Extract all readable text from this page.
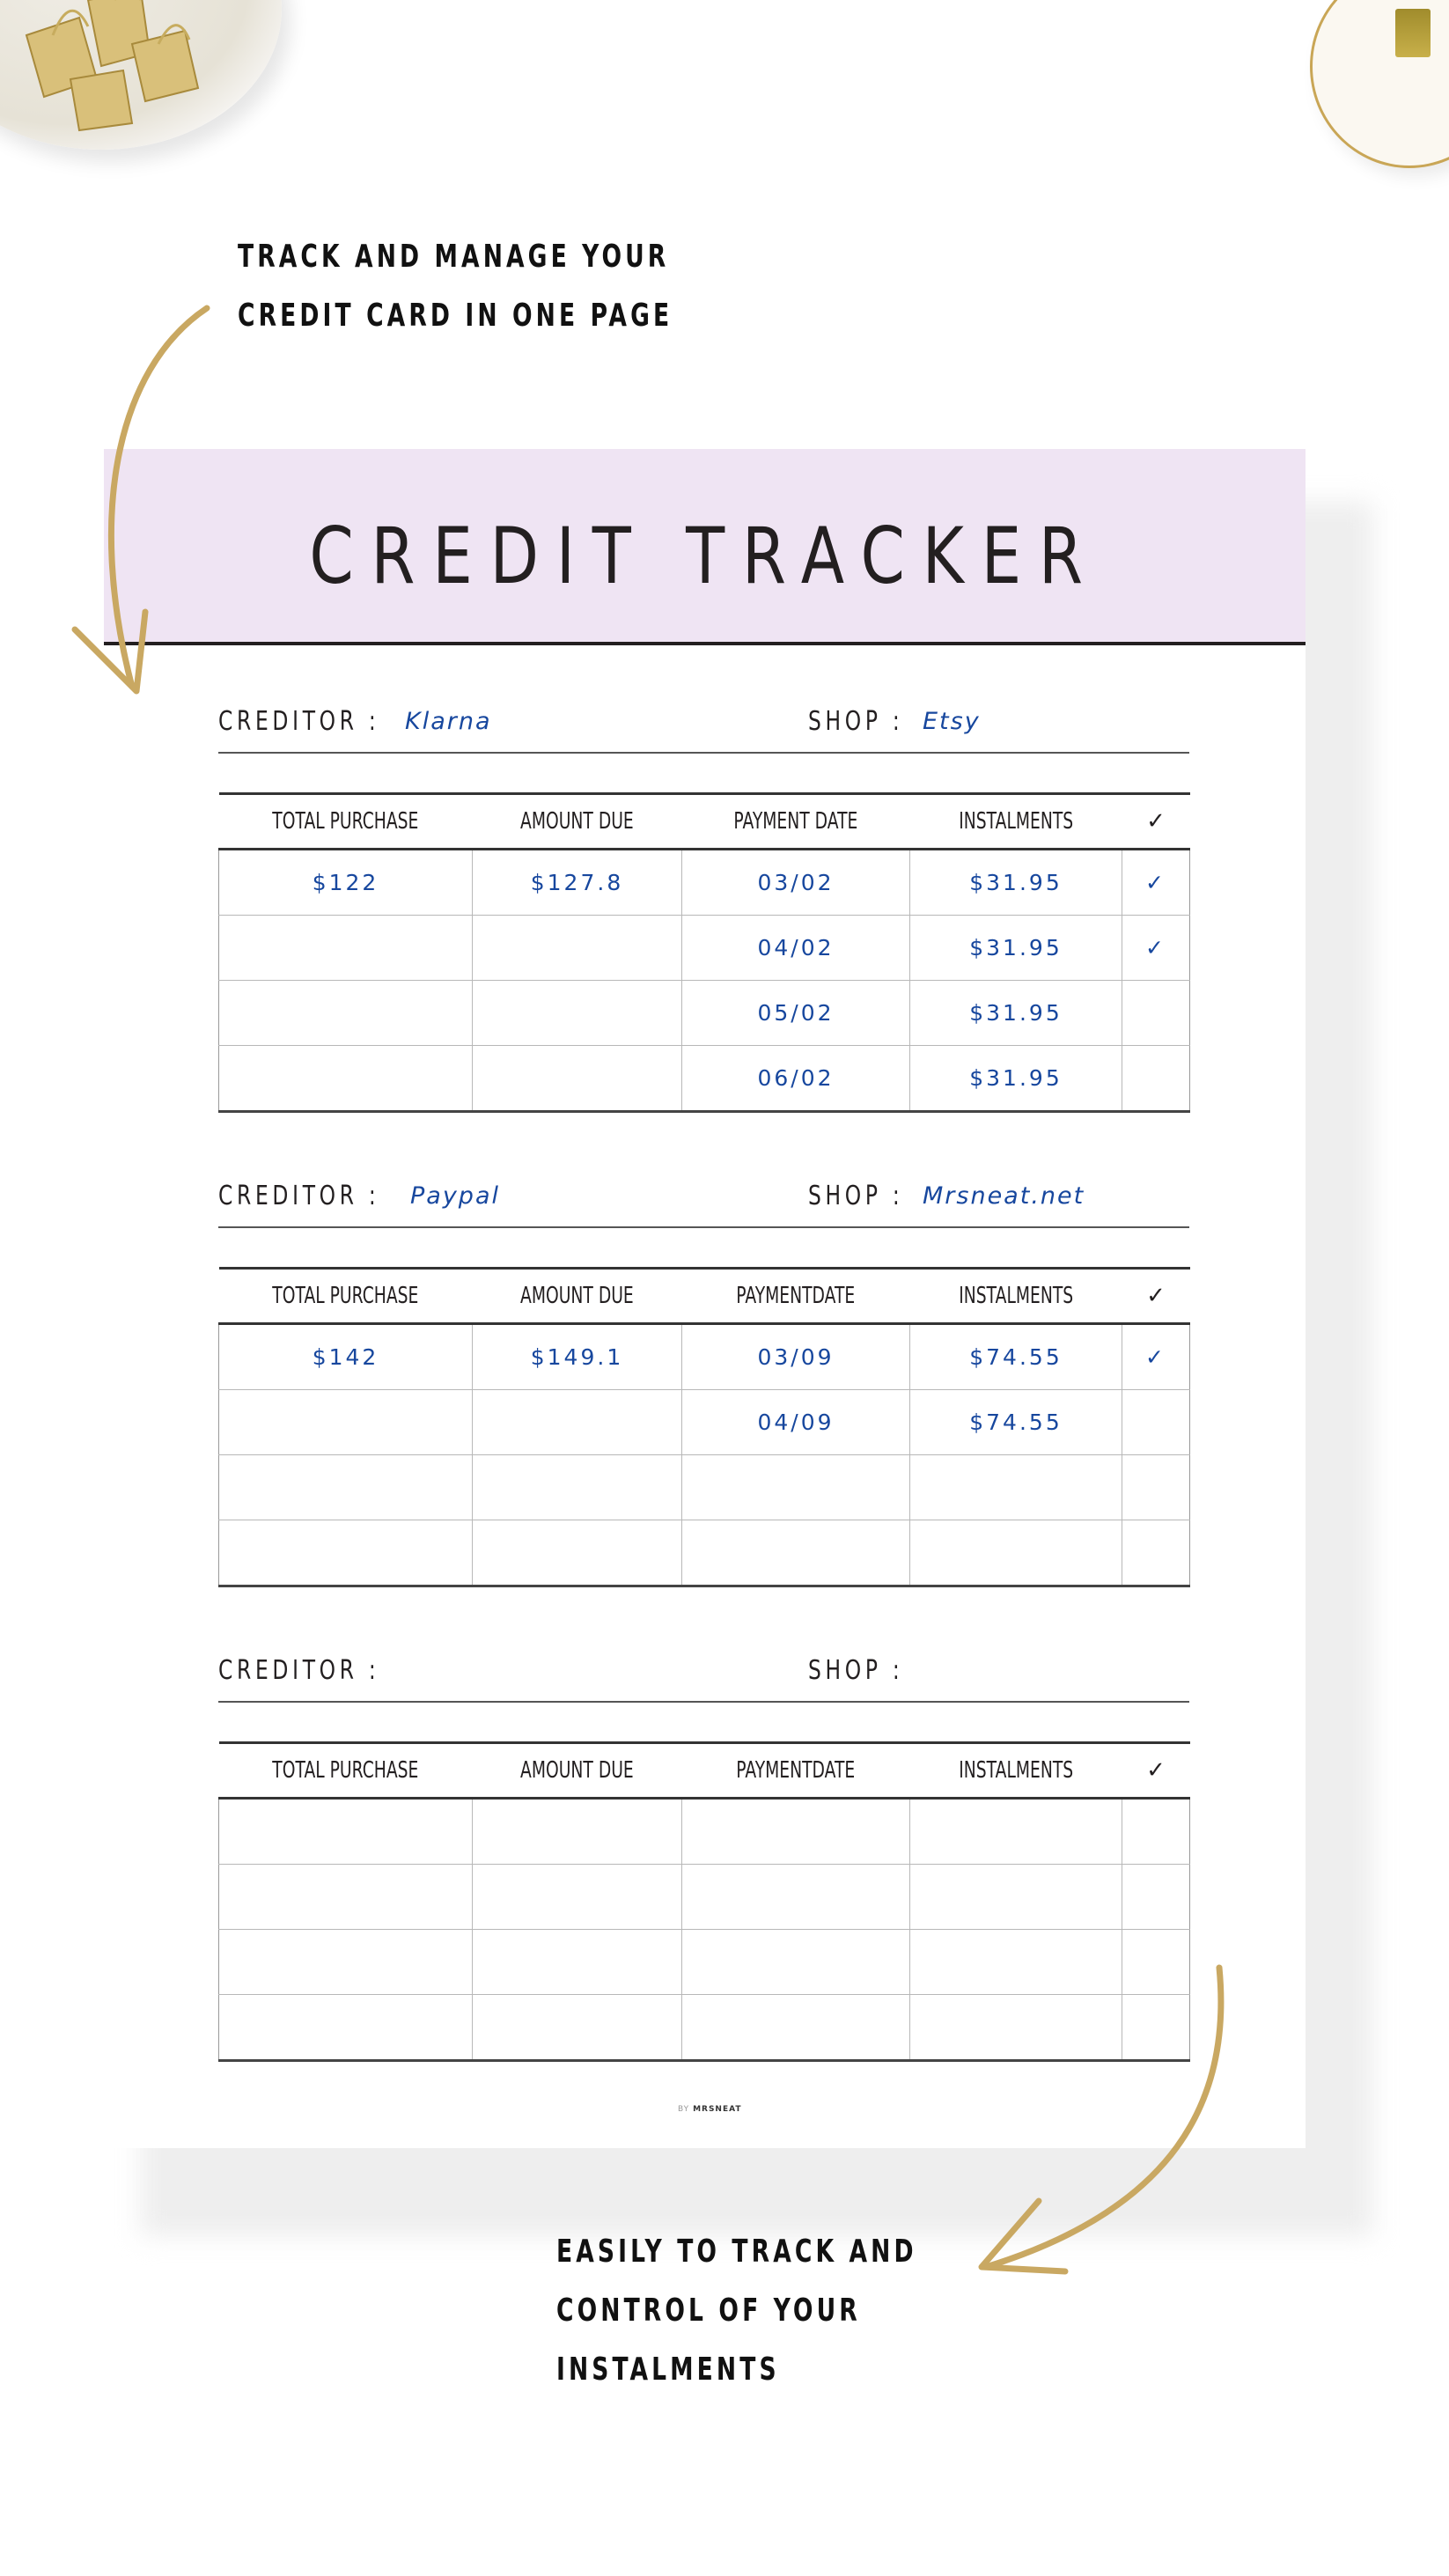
TRACK AND MANAGE YOUR
CREDIT CARD IN ONE PAGE
CREDIT TRACKER
CREDITOR : Klarna	SHOP : Etsy
TOTAL PURCHASE	AMOUNT DUE	PAYMENT DATE	INSTALMENTS	✓
$122	$127.8	03/02	$31.95	✓
		04/02	$31.95	✓
		05/02	$31.95	
		06/02	$31.95	
CREDITOR : Paypal	SHOP : Mrsneat.net
TOTAL PURCHASE	AMOUNT DUE	PAYMENTDATE	INSTALMENTS	✓
$142	$149.1	03/09	$74.55	✓
		04/09	$74.55	

CREDITOR :	SHOP :
TOTAL PURCHASE	AMOUNT DUE	PAYMENTDATE	INSTALMENTS	✓

BY MRSNEAT
EASILY TO TRACK AND
CONTROL OF YOUR
INSTALMENTS
